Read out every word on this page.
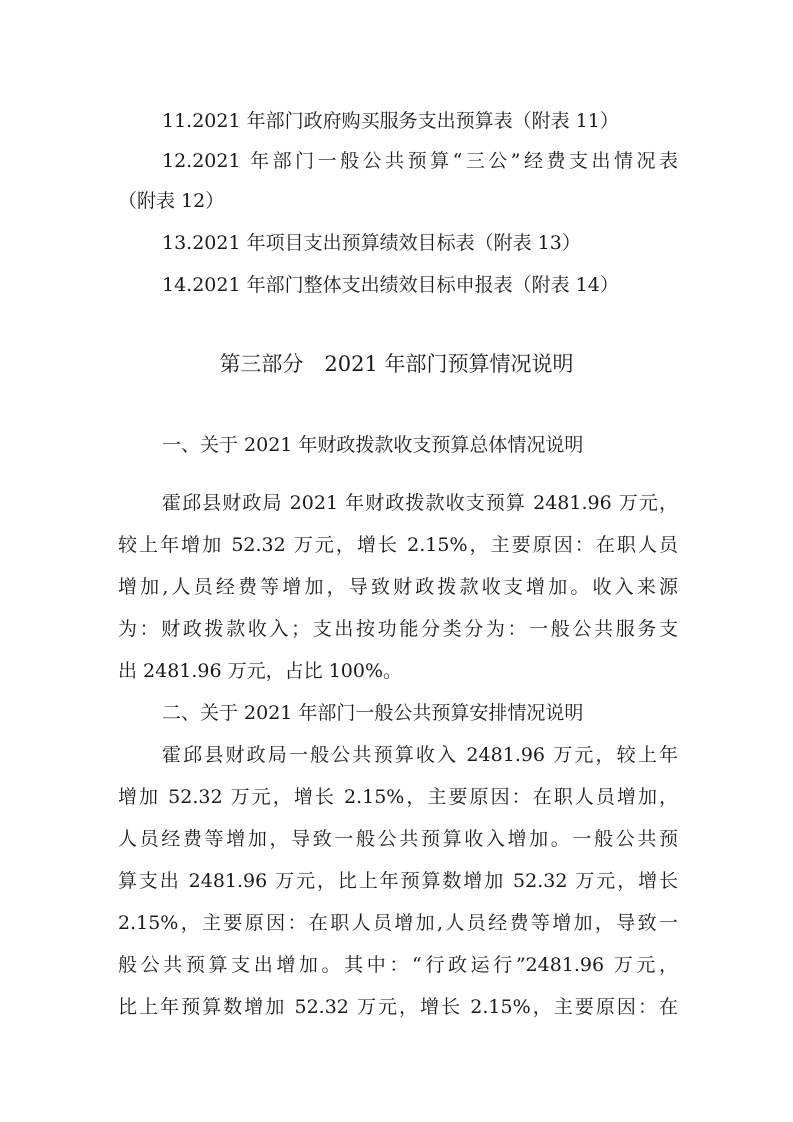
11.2021 年部门政府购买服务支出预算表（附表 11）
12.2021 年部门一般公共预算“三公”经费支出情况表
（附表 12）
13.2021 年项目支出预算绩效目标表（附表 13）
14.2021 年部门整体支出绩效目标申报表（附表 14）
第三部分　2021 年部门预算情况说明
一、关于 2021 年财政拨款收支预算总体情况说明
霍邱县财政局 2021 年财政拨款收支预算 2481.96 万元，
较上年增加 52.32 万元，增长 2.15%，主要原因：在职人员
增加,人员经费等增加，导致财政拨款收支增加。收入来源
为：财政拨款收入；支出按功能分类分为：一般公共服务支
出 2481.96 万元，占比 100%。
二、关于 2021 年部门一般公共预算安排情况说明
霍邱县财政局一般公共预算收入 2481.96 万元，较上年
增加 52.32 万元，增长 2.15%，主要原因：在职人员增加，
人员经费等增加，导致一般公共预算收入增加。一般公共预
算支出 2481.96 万元，比上年预算数增加 52.32 万元，增长
2.15%，主要原因：在职人员增加,人员经费等增加，导致一
般公共预算支出增加。其中：“行政运行”2481.96 万元，
比上年预算数增加 52.32 万元，增长 2.15%，主要原因：在
